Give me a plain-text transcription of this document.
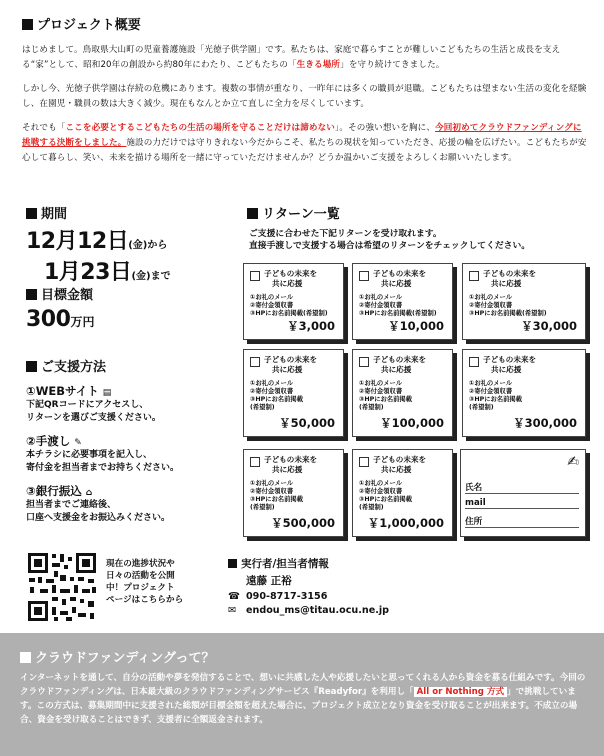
プロジェクト概要
はじめまして。鳥取県大山町の児童養護施設「光徳子供学園」です。私たちは、家庭で暮らすことが難しいこどもたちの生活と成長を支える“家”として、昭和20年の創設から約80年にわたり、こどもたちの「生きる場所」を守り続けてきました。
しかし今、光徳子供学園は存続の危機にあります。複数の事情が重なり、一昨年には多くの職員が退職。こどもたちは望まない生活の変化を経験し、在園児・職員の数は大きく減少。現在もなんとか立て直しに全力を尽くしています。
それでも「ここを必要とするこどもたちの生活の場所を守ることだけは諦めない」。その強い想いを胸に、今回初めてクラウドファンディングに挑戦する決断をしました。施設の力だけでは守りきれない今だからこそ、私たちの現状を知っていただき、応援の輪を広げたい。こどもたちが安心して暮らし、笑い、未来を描ける場所を一緒に守っていただけませんか？どうか温かいご支援をよろしくお願いいたします。
期間
12月12日(金)から
1月23日(金)まで
目標金額
300万円
ご支援方法
①WEBサイト ▤
下記QRコードにアクセスし、
リターンを選びご支援ください。
②手渡し ✎
本チラシに必要事項を記入し、
寄付金を担当者までお持ちください。
③銀行振込 ⌂
担当者までご連絡後、
口座へ支援金をお振込みください。
現在の進捗状況や
日々の活動を公開
中！プロジェクト
ページはこちらから
リターン一覧
ご支援に合わせた下記リターンを受け取れます。
直接手渡しで支援する場合は希望のリターンをチェックしてください。
子どもの未来を
共に応援
①お礼のメール
②寄付金領収書
③HPにお名前掲載(希望制)
￥3,000
子どもの未来を
共に応援
①お礼のメール
②寄付金領収書
③HPにお名前掲載(希望制)
￥10,000
子どもの未来を
共に応援
①お礼のメール
②寄付金領収書
③HPにお名前掲載(希望制)
￥30,000
子どもの未来を
共に応援
①お礼のメール
②寄付金領収書
③HPにお名前掲載
(希望制)
￥50,000
子どもの未来を
共に応援
①お礼のメール
②寄付金領収書
③HPにお名前掲載
(希望制)
￥100,000
子どもの未来を
共に応援
①お礼のメール
②寄付金領収書
③HPにお名前掲載
(希望制)
￥300,000
子どもの未来を
共に応援
①お礼のメール
②寄付金領収書
③HPにお名前掲載
(希望制)
￥500,000
子どもの未来を
共に応援
①お礼のメール
②寄付金領収書
③HPにお名前掲載
(希望制)
￥1,000,000
✍
氏名
mail
住所
実行者/担当者情報
遠藤 正裕
☎ 090-8717-3156
✉ endou_ms@titau.ocu.ne.jp
クラウドファンディングって？
インターネットを通して、自分の活動や夢を発信することで、想いに共感した人や応援したいと思ってくれる人から資金を募る仕組みです。今回のクラウドファンディングは、日本最大級のクラウドファンディングサービス『Readyfor』を利用し「 All or Nothing 方式 」で挑戦しています。この方式は、募集期間中に支援された総額が目標金額を超えた場合に、プロジェクト成立となり資金を受け取ることが出来ます。不成立の場合、資金を受け取ることはできず、支援者に全額返金されます。
